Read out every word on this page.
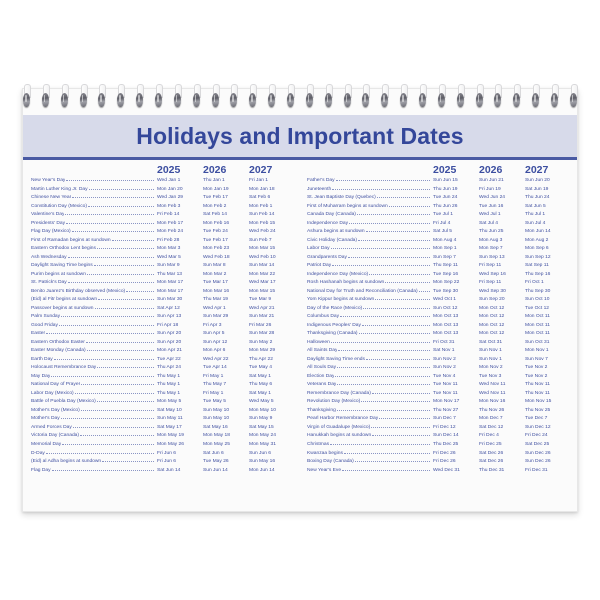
Holidays and Important Dates
2025	2026	2027
New Year's Day	Wed Jan 1	Thu Jan 1	Fri Jan 1
Martin Luther King Jr. Day	Mon Jan 20	Mon Jan 19	Mon Jan 18
Chinese New Year	Wed Jan 29	Tue Feb 17	Sat Feb 6
Constitution Day (Mexico)	Mon Feb 3	Mon Feb 2	Mon Feb 1
Valentine's Day	Fri Feb 14	Sat Feb 14	Sun Feb 14
Presidents' Day	Mon Feb 17	Mon Feb 16	Mon Feb 15
Flag Day (Mexico)	Mon Feb 24	Tue Feb 24	Wed Feb 24
First of Ramadan begins at sundown	Fri Feb 28	Tue Feb 17	Sun Feb 7
Eastern Orthodox Lent begins	Mon Mar 3	Mon Feb 23	Mon Mar 15
Ash Wednesday	Wed Mar 5	Wed Feb 18	Wed Feb 10
Daylight Saving Time begins	Sun Mar 9	Sun Mar 8	Sun Mar 14
Purim begins at sundown	Thu Mar 13	Mon Mar 2	Mon Mar 22
St. Patrick's Day	Mon Mar 17	Tue Mar 17	Wed Mar 17
Benito Juarez's Birthday observed (Mexico)	Mon Mar 17	Mon Mar 16	Mon Mar 15
(Eid) al Fitr begins at sundown	Sun Mar 30	Thu Mar 19	Tue Mar 9
Passover begins at sundown	Sat Apr 12	Wed Apr 1	Wed Apr 21
Palm Sunday	Sun Apr 13	Sun Mar 29	Sun Mar 21
Good Friday	Fri Apr 18	Fri Apr 3	Fri Mar 26
Easter	Sun Apr 20	Sun Apr 5	Sun Mar 28
Eastern Orthodox Easter	Sun Apr 20	Sun Apr 12	Sun May 2
Easter Monday (Canada)	Mon Apr 21	Mon Apr 6	Mon Mar 29
Earth Day	Tue Apr 22	Wed Apr 22	Thu Apr 22
Holocaust Remembrance Day	Thu Apr 24	Tue Apr 14	Tue May 4
May Day	Thu May 1	Fri May 1	Sat May 1
National Day of Prayer	Thu May 1	Thu May 7	Thu May 6
Labor Day (Mexico)	Thu May 1	Fri May 1	Sat May 1
Battle of Puebla Day (Mexico)	Mon May 5	Tue May 5	Wed May 5
Mother's Day (Mexico)	Sat May 10	Sun May 10	Mon May 10
Mother's Day	Sun May 11	Sun May 10	Sun May 9
Armed Forces Day	Sat May 17	Sat May 16	Sat May 15
Victoria Day (Canada)	Mon May 19	Mon May 18	Mon May 24
Memorial Day	Mon May 26	Mon May 25	Mon May 31
D-Day	Fri Jun 6	Sat Jun 6	Sun Jun 6
(Eid) al Adha begins at sundown	Fri Jun 6	Tue May 26	Sun May 16
Flag Day	Sat Jun 14	Sun Jun 14	Mon Jun 14
2025	2026	2027
Father's Day	Sun Jun 15	Sun Jun 21	Sun Jun 20
Juneteenth	Thu Jun 19	Fri Jun 19	Sat Jun 19
St. Jean Baptiste Day (Quebec)	Tue Jun 24	Wed Jun 24	Thu Jun 24
First of Muharram begins at sundown	Thu Jun 26	Tue Jun 16	Sat Jun 5
Canada Day (Canada)	Tue Jul 1	Wed Jul 1	Thu Jul 1
Independence Day	Fri Jul 4	Sat Jul 4	Sun Jul 4
Ashura begins at sundown	Sat Jul 5	Thu Jun 25	Mon Jun 14
Civic Holiday (Canada)	Mon Aug 4	Mon Aug 3	Mon Aug 2
Labor Day	Mon Sep 1	Mon Sep 7	Mon Sep 6
Grandparents Day	Sun Sep 7	Sun Sep 13	Sun Sep 12
Patriot Day	Thu Sep 11	Fri Sep 11	Sat Sep 11
Independence Day (Mexico)	Tue Sep 16	Wed Sep 16	Thu Sep 16
Rosh Hashanah begins at sundown	Mon Sep 22	Fri Sep 11	Fri Oct 1
National Day for Truth and Reconciliation (Canada)	Tue Sep 30	Wed Sep 30	Thu Sep 30
Yom Kippur begins at sundown	Wed Oct 1	Sun Sep 20	Sun Oct 10
Day of the Race (Mexico)	Sun Oct 12	Mon Oct 12	Tue Oct 12
Columbus Day	Mon Oct 13	Mon Oct 12	Mon Oct 11
Indigenous Peoples' Day	Mon Oct 13	Mon Oct 12	Mon Oct 11
Thanksgiving (Canada)	Mon Oct 13	Mon Oct 12	Mon Oct 11
Halloween	Fri Oct 31	Sat Oct 31	Sun Oct 31
All Saints Day	Sat Nov 1	Sun Nov 1	Mon Nov 1
Daylight Saving Time ends	Sun Nov 2	Sun Nov 1	Sun Nov 7
All Souls Day	Sun Nov 2	Mon Nov 2	Tue Nov 2
Election Day	Tue Nov 4	Tue Nov 3	Tue Nov 2
Veterans Day	Tue Nov 11	Wed Nov 11	Thu Nov 11
Remembrance Day (Canada)	Tue Nov 11	Wed Nov 11	Thu Nov 11
Revolution Day (Mexico)	Mon Nov 17	Mon Nov 16	Mon Nov 15
Thanksgiving	Thu Nov 27	Thu Nov 26	Thu Nov 25
Pearl Harbor Remembrance Day	Sun Dec 7	Mon Dec 7	Tue Dec 7
Virgin of Guadalupe (Mexico)	Fri Dec 12	Sat Dec 12	Sun Dec 12
Hanukkah begins at sundown	Sun Dec 14	Fri Dec 4	Fri Dec 24
Christmas	Thu Dec 25	Fri Dec 25	Sat Dec 25
Kwanzaa begins	Fri Dec 26	Sat Dec 26	Sun Dec 26
Boxing Day (Canada)	Fri Dec 26	Sat Dec 26	Sun Dec 26
New Year's Eve	Wed Dec 31	Thu Dec 31	Fri Dec 31
